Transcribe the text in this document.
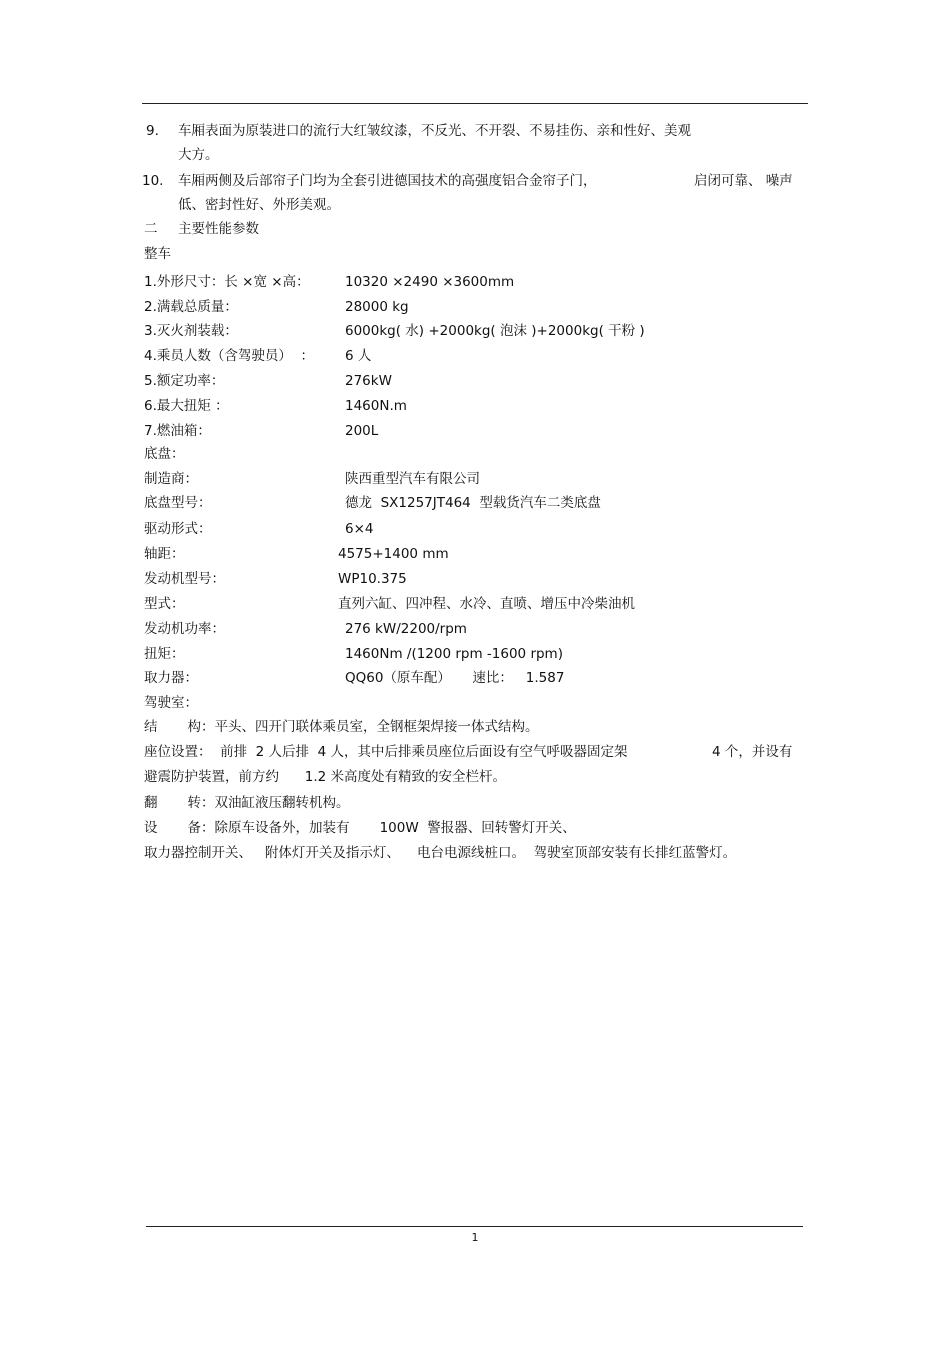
9. 车厢表面为原装进口的流行大红皱纹漆，不反光、不开裂、不易挂伤、亲和性好、美观
大方。
10. 车厢两侧及后部帘子门均为全套引进德国技术的高强度铝合金帘子门，	启闭可靠、 噪声
低、密封性好、外形美观。
二 主要性能参数
整车
1.外形尺寸：长 ×宽 ×高：	10320 ×2490 ×3600mm
2.满载总质量：	28000 kg
3.灭火剂装载：	6000kg( 水) +2000kg( 泡沫 )+2000kg( 干粉 )
4.乘员人数（含驾驶员）  ： 6 人
5.额定功率：	276kW
6.最大扭矩 ：	1460N.m
7.燃油箱：	200L
底盘：
制造商：	陕西重型汽车有限公司
底盘型号：	德龙  SX1257JT464  型载货汽车二类底盘
驱动形式：	6×4
轴距：	4575+1400 mm
发动机型号：	WP10.375
型式：	直列六缸、四冲程、水冷、直喷、增压中冷柴油机
发动机功率：	276 kW/2200/rpm
扭矩：	1460Nm /(1200 rpm -1600 rpm)
取力器：	QQ60（原车配）     速比：   1.587
驾驶室：
结       构：平头、四开门联体乘员室，全钢框架焊接一体式结构。
座位设置：  前排  2 人后排  4 人，其中后排乘员座位后面设有空气呼吸器固定架	4 个，并设有
避震防护装置，前方约      1.2 米高度处有精致的安全栏杆。
翻       转：双油缸液压翻转机构。
设       备：除原车设备外，加装有       100W  警报器、回转警灯开关、
取力器控制开关、   附体灯开关及指示灯、    电台电源线桩口。  驾驶室顶部安装有长排红蓝警灯。
1
